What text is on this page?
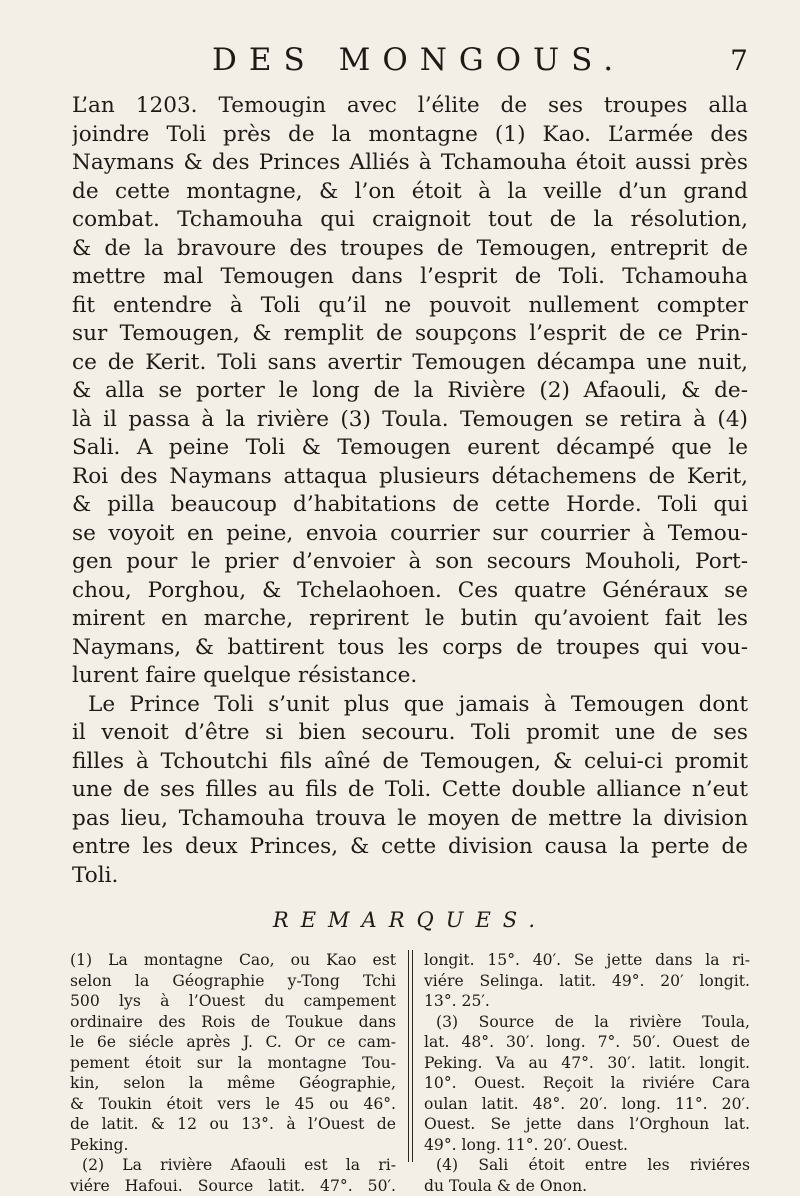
DES MONGOUS.	7
L’an 1203. Temougin avec l’élite de ses troupes alla
joindre Toli près de la montagne (1) Kao. L’armée des
Naymans & des Princes Alliés à Tchamouha étoit aussi près
de cette montagne, & l’on étoit à la veille d’un grand
combat. Tchamouha qui craignoit tout de la résolution,
& de la bravoure des troupes de Temougen, entreprit de
mettre mal Temougen dans l’esprit de Toli. Tchamouha
fit entendre à Toli qu’il ne pouvoit nullement compter
sur Temougen, & remplit de soupçons l’esprit de ce Prin-
ce de Kerit. Toli sans avertir Temougen décampa une nuit,
& alla se porter le long de la Rivière (2) Afaouli, & de-
là il passa à la rivière (3) Toula. Temougen se retira à (4)
Sali. A peine Toli & Temougen eurent décampé que le
Roi des Naymans attaqua plusieurs détachemens de Kerit,
& pilla beaucoup d’habitations de cette Horde. Toli qui
se voyoit en peine, envoia courrier sur courrier à Temou-
gen pour le prier d’envoier à son secours Mouholi, Port-
chou, Porghou, & Tchelaohoen. Ces quatre Généraux se
mirent en marche, reprirent le butin qu’avoient fait les
Naymans, & battirent tous les corps de troupes qui vou-
lurent faire quelque résistance.
Le Prince Toli s’unit plus que jamais à Temougen dont
il venoit d’être si bien secouru. Toli promit une de ses
filles à Tchoutchi fils aîné de Temougen, & celui-ci promit
une de ses filles au fils de Toli. Cette double alliance n’eut
pas lieu, Tchamouha trouva le moyen de mettre la division
entre les deux Princes, & cette division causa la perte de
Toli.
REMARQUES.
(1) La montagne Cao, ou Kao est
selon la Géographie y-Tong Tchi
500 lys à l’Ouest du campement
ordinaire des Rois de Toukue dans
le 6e siécle après J. C. Or ce cam-
pement étoit sur la montagne Tou-
kin, selon la même Géographie,
& Toukin étoit vers le 45 ou 46°.
de latit. & 12 ou 13°. à l’Ouest de
Peking.
(2) La rivière Afaouli est la ri-
viére Hafoui. Source latit. 47°. 50′.
longit. 15°. 40′. Se jette dans la ri-
viére Selinga. latit. 49°. 20′ longit.
13°. 25′.
(3) Source de la rivière Toula,
lat. 48°. 30′. long. 7°. 50′. Ouest de
Peking. Va au 47°. 30′. latit. longit.
10°. Ouest. Reçoit la riviére Cara
oulan latit. 48°. 20′. long. 11°. 20′.
Ouest. Se jette dans l’Orghoun lat.
49°. long. 11°. 20′. Ouest.
(4) Sali étoit entre les riviéres
du Toula & de Onon.
